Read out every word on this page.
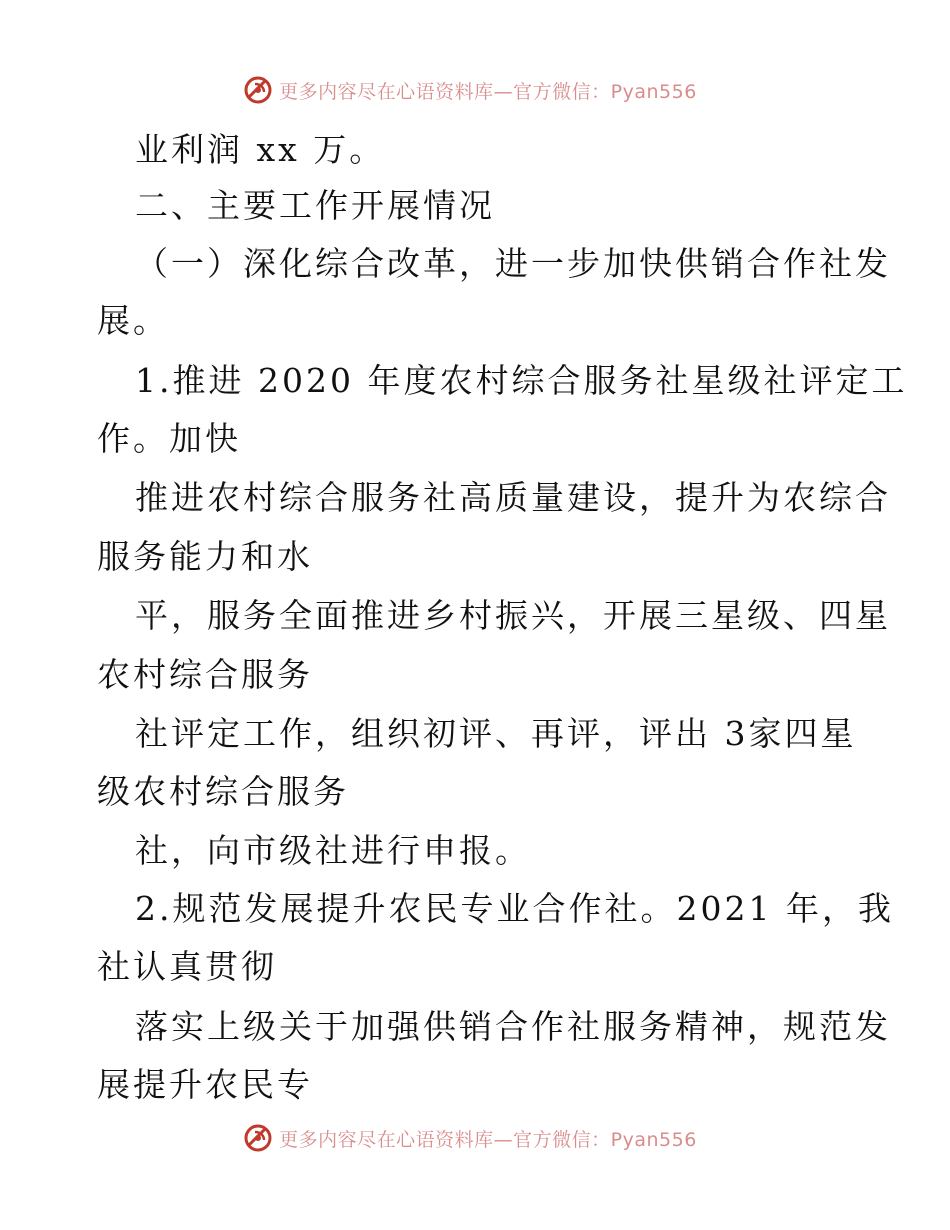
更多内容尽在心语资料库—官方微信：Pyan556
业利润 xx 万。
二、主要工作开展情况
（一）深化综合改革，进一步加快供销合作社发
展。
1.推进 2020 年度农村综合服务社星级社评定工
作。加快
推进农村综合服务社高质量建设，提升为农综合
服务能力和水
平，服务全面推进乡村振兴，开展三星级、四星
农村综合服务
社评定工作，组织初评、再评，评出 3家四星
级农村综合服务
社，向市级社进行申报。
2.规范发展提升农民专业合作社。2021 年，我
社认真贯彻
落实上级关于加强供销合作社服务精神，规范发
展提升农民专
更多内容尽在心语资料库—官方微信：Pyan556
